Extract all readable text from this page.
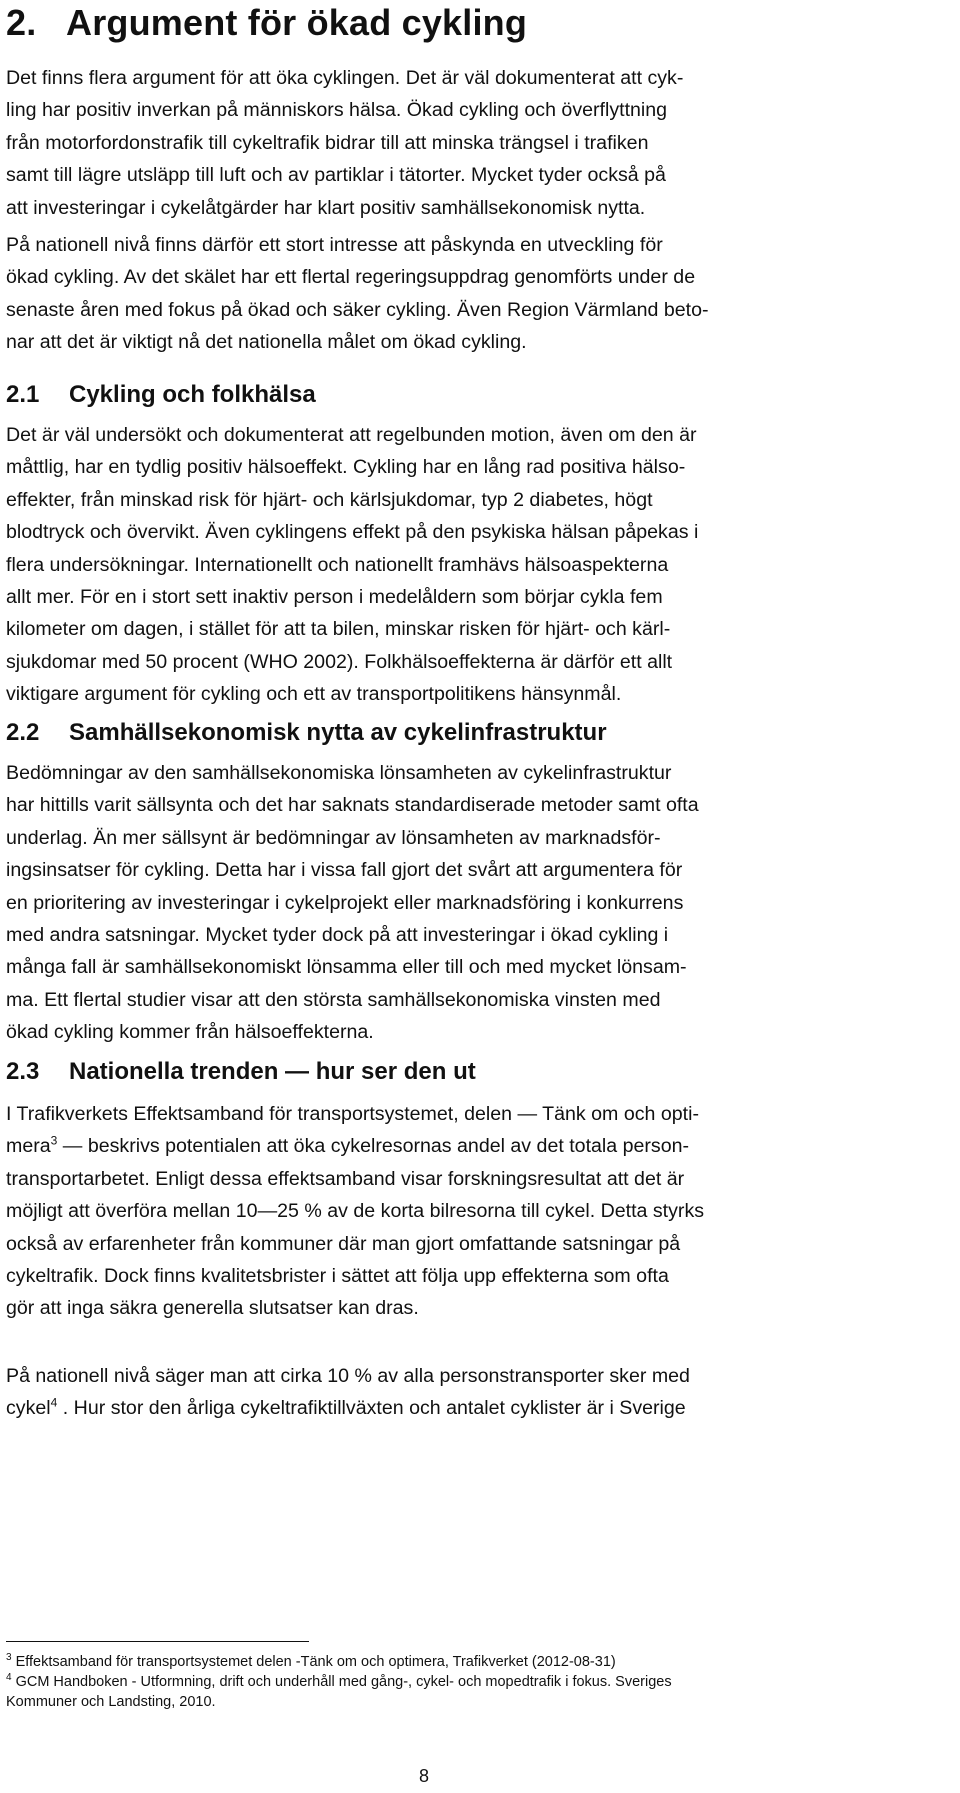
2. Argument för ökad cykling

Det finns flera argument för att öka cyklingen. Det är väl dokumenterat att cyk-
ling har positiv inverkan på människors hälsa. Ökad cykling och överflyttning
från motorfordonstrafik till cykeltrafik bidrar till att minska trängsel i trafiken
samt till lägre utsläpp till luft och av partiklar i tätorter. Mycket tyder också på
att investeringar i cykelåtgärder har klart positiv samhällsekonomisk nytta.

På nationell nivå finns därför ett stort intresse att påskynda en utveckling för
ökad cykling. Av det skälet har ett flertal regeringsuppdrag genomförts under de
senaste åren med fokus på ökad och säker cykling. Även Region Värmland beto-
nar att det är viktigt nå det nationella målet om ökad cykling.

2.1 Cykling och folkhälsa

Det är väl undersökt och dokumenterat att regelbunden motion, även om den är
måttlig, har en tydlig positiv hälsoeffekt. Cykling har en lång rad positiva hälso-
effekter, från minskad risk för hjärt- och kärlsjukdomar, typ 2 diabetes, högt
blodtryck och övervikt. Även cyklingens effekt på den psykiska hälsan påpekas i
flera undersökningar. Internationellt och nationellt framhävs hälsoaspekterna
allt mer. För en i stort sett inaktiv person i medelåldern som börjar cykla fem
kilometer om dagen, i stället för att ta bilen, minskar risken för hjärt- och kärl-
sjukdomar med 50 procent (WHO 2002). Folkhälsoeffekterna är därför ett allt
viktigare argument för cykling och ett av transportpolitikens hänsynmål.

2.2 Samhällsekonomisk nytta av cykelinfrastruktur

Bedömningar av den samhällsekonomiska lönsamheten av cykelinfrastruktur
har hittills varit sällsynta och det har saknats standardiserade metoder samt ofta
underlag. Än mer sällsynt är bedömningar av lönsamheten av marknadsför-
ingsinsatser för cykling. Detta har i vissa fall gjort det svårt att argumentera för
en prioritering av investeringar i cykelprojekt eller marknadsföring i konkurrens
med andra satsningar. Mycket tyder dock på att investeringar i ökad cykling i
många fall är samhällsekonomiskt lönsamma eller till och med mycket lönsam-
ma. Ett flertal studier visar att den största samhällsekonomiska vinsten med
ökad cykling kommer från hälsoeffekterna.

2.3 Nationella trenden — hur ser den ut

I Trafikverkets Effektsamband för transportsystemet, delen — Tänk om och opti-
mera$^3$ — beskrivs potentialen att öka cykelresornas andel av det totala person-
transportarbetet. Enligt dessa effektsamband visar forskningsresultat att det är
möjligt att överföra mellan 10—25 % av de korta bilresorna till cykel. Detta styrks
också av erfarenheter från kommuner där man gjort omfattande satsningar på
cykeltrafik. Dock finns kvalitetsbrister i sättet att följa upp effekterna som ofta
gör att inga säkra generella slutsatser kan dras.

På nationell nivå säger man att cirka 10 % av alla personstransporter sker med
cykel$^4$ . Hur stor den årliga cykeltrafiktillväxten och antalet cyklister är i Sverige

$^3$ Effektsamband för transportsystemet delen -Tänk om och optimera, Trafikverket (2012-08-31)
$^4$ GCM Handboken - Utformning, drift och underhåll med gång-, cykel- och mopedtrafik i fokus. Sveriges
Kommuner och Landsting, 2010.
8
